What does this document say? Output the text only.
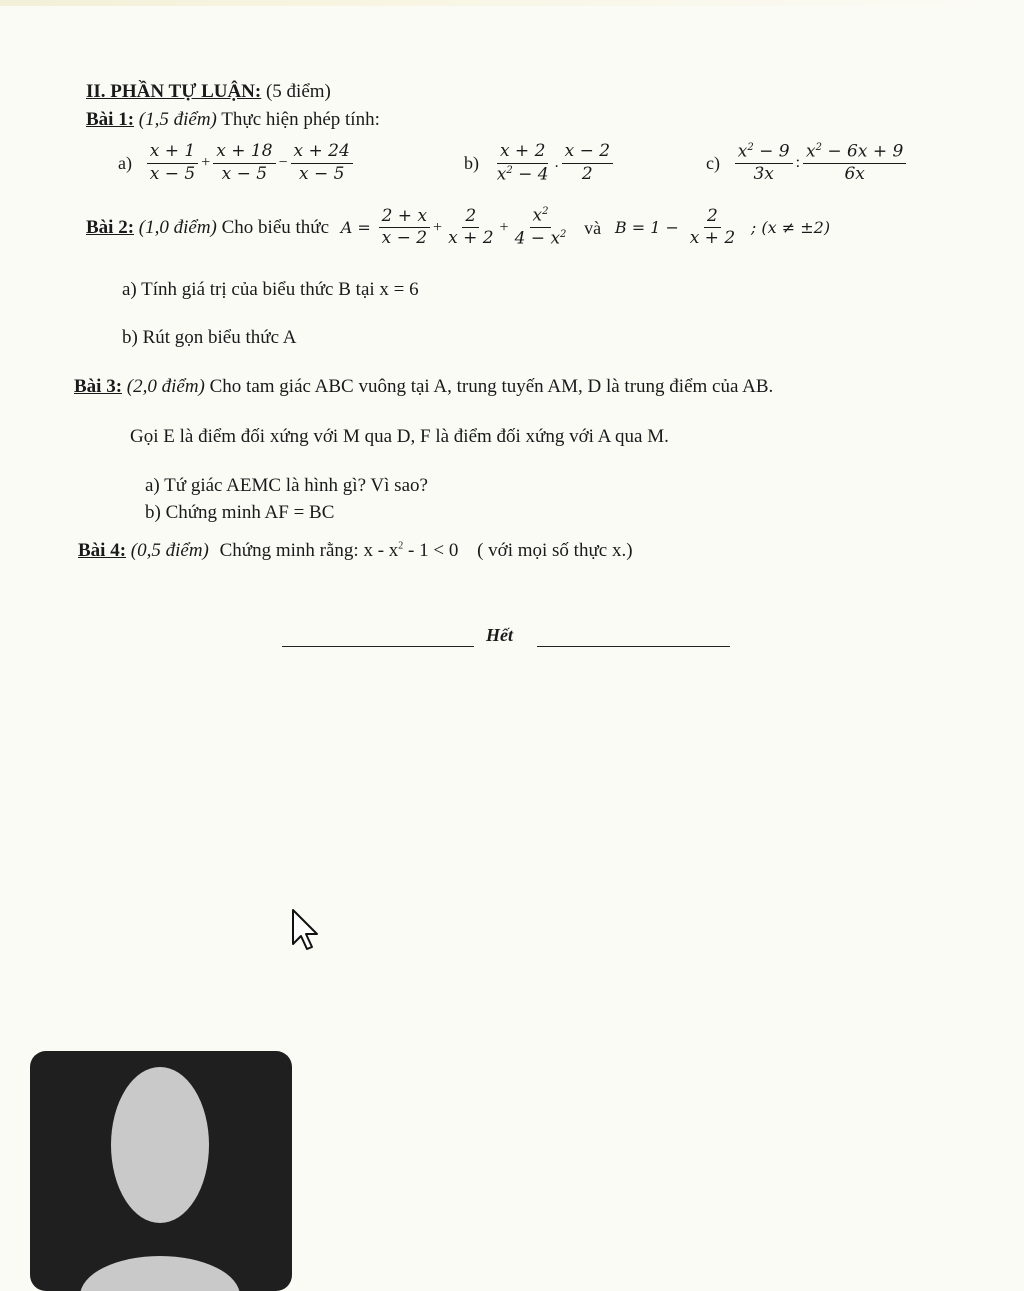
II. PHẦN TỰ LUẬN: (5 điểm)
Bài 1: (1,5 điểm) Thực hiện phép tính:
$a) \frac{x + 1}{x - 5} + \frac{x + 18}{x - 5} - \frac{x + 24}{x - 5}$	$b) \frac{x + 2}{x^2 - 4}$ . $\frac{x - 2}{2}$	$c) \frac{x^2 - 9}{3x}$ : $\frac{x^2 - 6x + 9}{6x}$
Bài 2: (1,0 điểm) Cho biểu thức $A = \frac{2 + x}{x - 2} + \frac{2}{x + 2} + \frac{x^2}{4 - x^2}$ và $B = 1 - \frac{2}{x + 2}$ ; (x ≠ ±2)
a) Tính giá trị của biểu thức B tại x = 6
b) Rút gọn biểu thức A
Bài 3: (2,0 điểm) Cho tam giác ABC vuông tại A, trung tuyến AM, D là trung điểm của AB.
Gọi E là điểm đối xứng với M qua D, F là điểm đối xứng với A qua M.
a) Tứ giác AEMC là hình gì? Vì sao?
b) Chứng minh AF = BC
Bài 4: (0,5 điểm) Chứng minh rằng: $x - x^2 - 1 < 0$ ( với mọi số thực x.)
Hết
